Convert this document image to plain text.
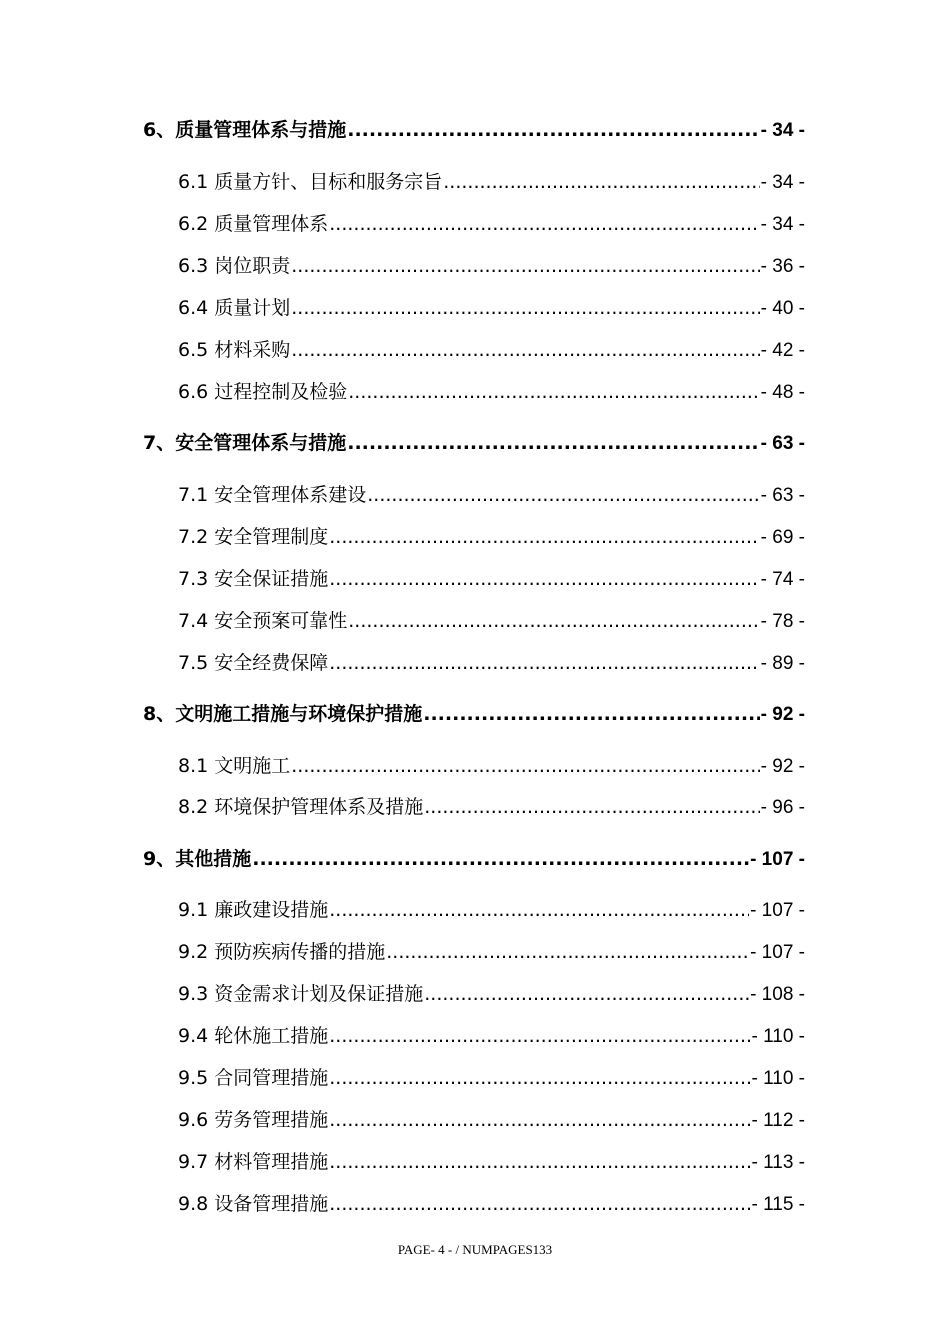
6、质量管理体系与措施 .....	- 34 -
6.1 质量方针、目标和服务宗旨 .....	- 34 -
6.2 质量管理体系 .....	- 34 -
6.3 岗位职责 .....	- 36 -
6.4 质量计划 .....	- 40 -
6.5 材料采购 .....	- 42 -
6.6 过程控制及检验 .....	- 48 -
7、安全管理体系与措施 .....	- 63 -
7.1 安全管理体系建设 .....	- 63 -
7.2 安全管理制度 .....	- 69 -
7.3 安全保证措施 .....	- 74 -
7.4 安全预案可靠性 .....	- 78 -
7.5 安全经费保障 .....	- 89 -
8、文明施工措施与环境保护措施 .....	- 92 -
8.1 文明施工 .....	- 92 -
8.2 环境保护管理体系及措施 .....	- 96 -
9、其他措施 .....	- 107 -
9.1 廉政建设措施 .....	- 107 -
9.2 预防疾病传播的措施 .....	- 107 -
9.3 资金需求计划及保证措施 .....	- 108 -
9.4 轮休施工措施 .....	- 110 -
9.5 合同管理措施 .....	- 110 -
9.6 劳务管理措施 .....	- 112 -
9.7 材料管理措施 .....	- 113 -
9.8 设备管理措施 .....	- 115 -
PAGE- 4 - / NUMPAGES133
